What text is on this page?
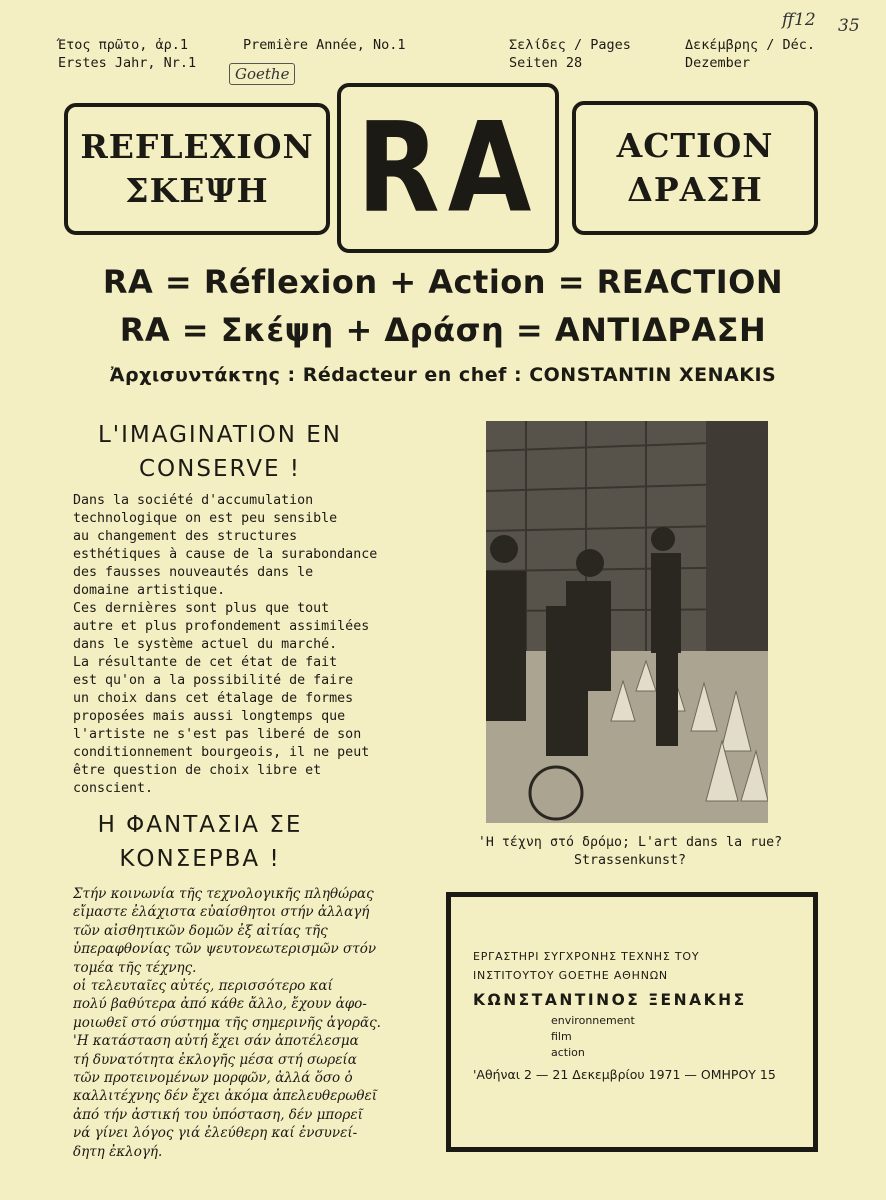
Έτος πρῶτο, ἀρ.1
Erstes Jahr, Nr.1
Première Année, No.1	Σελίδες / Pages
Seiten 28
Δεκέμβρης / Déc.
Dezember
Goethe
ff12 35
REFLEXION
ΣΚΕΨΗ RA ACTION
ΔΡΑΣΗ
RA = Réflexion + Action = REACTION
RA = Σκέψη + Δράση = ΑΝΤΙΔΡΑΣΗ
Ἀρχισυντάκτης : Rédacteur en chef : CONSTANTIN XENAKIS
L'IMAGINATION EN
CONSERVE !
Dans la société d'accumulation
technologique on est peu sensible
au changement des structures
esthétiques à cause de la surabondance
des fausses nouveautés dans le
domaine artistique.
Ces dernières sont plus que tout
autre et plus profondement assimilées
dans le système actuel du marché.
La résultante de cet état de fait
est qu'on a la possibilité de faire
un choix dans cet étalage de formes
proposées mais aussi longtemps que
l'artiste ne s'est pas liberé de son
conditionnement bourgeois, il ne peut
être question de choix libre et
conscient.
Η ΦΑΝΤΑΣΙΑ ΣΕ
ΚΟΝΣΕΡΒΑ !
Στήν κοινωνία τῆς τεχνολογικῆς πληθώρας
εἴμαστε ἐλάχιστα εὐαίσθητοι στήν ἀλλαγή
τῶν αἰσθητικῶν δομῶν ἐξ αἰτίας τῆς
ὑπεραφθονίας τῶν ψευτονεωτερισμῶν στόν
τομέα τῆς τέχνης.
οἱ τελευταῖες αὐτές, περισσότερο καί
πολύ βαθύτερα ἀπό κάθε ἄλλο, ἔχουν ἀφο-
μοιωθεῖ στό σύστημα τῆς σημερινῆς ἀγορᾶς.
'Η κατάσταση αὐτή ἔχει σάν ἀποτέλεσμα
τή δυνατότητα ἐκλογῆς μέσα στή σωρεία
τῶν προτεινομένων μορφῶν, ἀλλά ὅσο ὁ
καλλιτέχνης δέν ἔχει ἀκόμα ἀπελευθερωθεῖ
ἀπό τήν ἀστική του ὑπόσταση, δέν μπορεῖ
νά γίνει λόγος γιά ἐλεύθερη καί ἐνσυνεί-
δητη ἐκλογή.
'Η τέχνη στό δρόμο; L'art dans la rue?
Strassenkunst?
ΕΡΓΑΣΤΗΡΙ ΣΥΓΧΡΟΝΗΣ ΤΕΧΝΗΣ ΤΟΥ
ΙΝΣΤΙΤΟΥΤΟΥ GOETHE ΑΘΗΝΩΝ
ΚΩΝΣΤΑΝΤΙΝΟΣ ΞΕΝΑΚΗΣ
environnement
film
action
'Αθήναι 2 — 21 Δεκεμβρίου 1971 — ΟΜΗΡΟΥ 15
